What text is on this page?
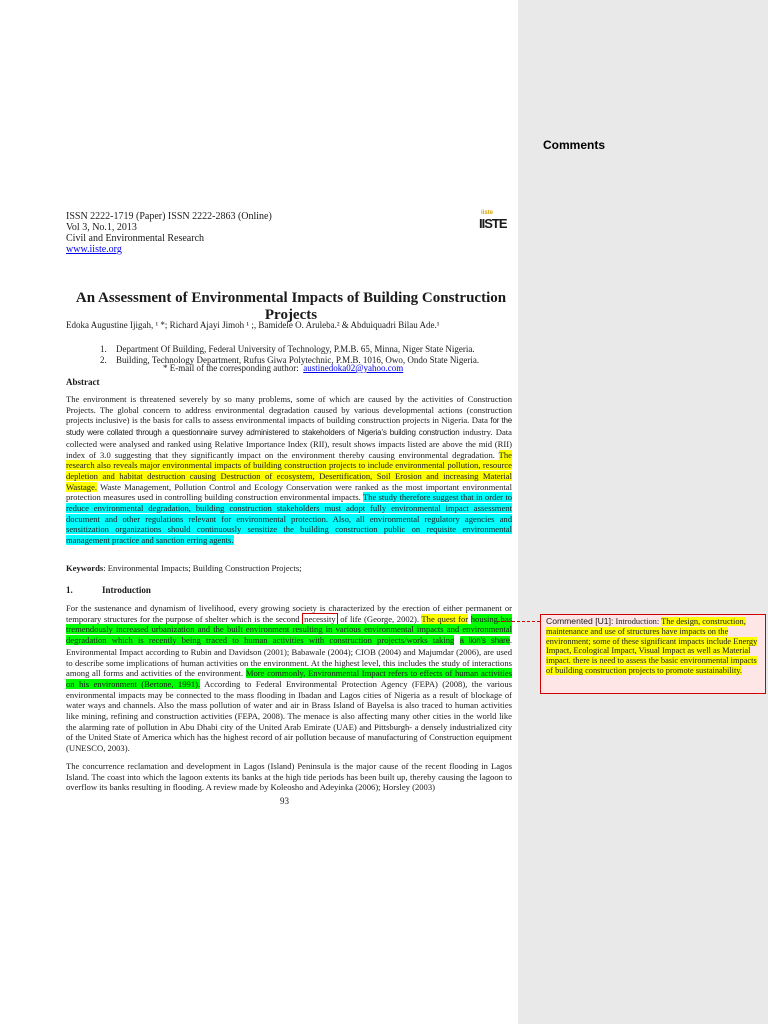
Comments
ISSN 2222-1719 (Paper) ISSN 2222-2863 (Online)
Vol 3, No.1, 2013
Civil and Environmental Research
www.iiste.org
iiste
IISTE
An Assessment of Environmental Impacts of Building Construction Projects
Edoka Augustine Ijigah, ¹ *; Richard Ajayi Jimoh ¹ ;, Bamidele O. Aruleba.² & Abduiquadri Bilau Ade.¹
1. Department Of Building, Federal University of Technology, P.M.B. 65, Minna, Niger State Nigeria.
2. Building, Technology Department, Rufus Giwa Polytechnic, P.M.B. 1016, Owo, Ondo State Nigeria.
* E-mail of the corresponding author: austinedoka02@yahoo.com
Abstract
The environment is threatened severely by so many problems, some of which are caused by the activities of Construction Projects. The global concern to address environmental degradation caused by various developmental actions (construction projects inclusive) is the basis for calls to assess environmental impacts of building construction projects in Nigeria. Data for the study were collated through a questionnaire survey administered to stakeholders of Nigeria’s building construction industry. Data collected were analysed and ranked using Relative Importance Index (RII), result shows impacts listed are above the mid (RII) index of 3.0 suggesting that they significantly impact on the environment thereby causing environmental degradation. The research also reveals major environmental impacts of building construction projects to include environmental pollution, resource depletion and habitat destruction causing Destruction of ecosystem, Desertification, Soil Erosion and increasing Material Wastage. Waste Management, Pollution Control and Ecology Conservation were ranked as the most important environmental protection measures used in controlling building construction environmental impacts. The study therefore suggest that in order to reduce environmental degradation, building construction stakeholders must adopt fully environmental impact assessment document and other regulations relevant for environmental protection. Also, all environmental regulatory agencies and sensitization organizations should continuously sensitize the building construction public on requisite environmental management practice and sanction erring agents.
Keywords: Environmental Impacts; Building Construction Projects;
1.	Introduction
For the sustenance and dynamism of livelihood, every growing society is characterized by the erection of either permanent or temporary structures for the purpose of shelter which is the second necessity of life (George, 2002). The quest for housing has tremendously increased urbanization and the built environment resulting in various environmental impacts and environmental degradation which is recently being traced to human activities with construction projects/works taking a lion’s share. Environmental Impact according to Rubin and Davidson (2001); Babawale (2004); CIOB (2004) and Majumdar (2006), are used to describe some implications of human activities on the environment. At the highest level, this includes the study of interactions among all forms and activities of the environment. More commonly, Environmental Impact refers to effects of human activities on his environment (Bertone, 1991). According to Federal Environmental Protection Agency (FEPA) (2008), the various environmental impacts may be connected to the mass flooding in Ibadan and Lagos cities of Nigeria as a result of blockage of water ways and channels. Also the mass pollution of water and air in Brass Island of Bayelsa is also traced to human activities like mining, refining and construction activities (FEPA, 2008). The menace is also affecting many other cities in the world like the alarming rate of pollution in Abu Dhabi city of the United Arab Emirate (UAE) and Pittsburgh- a densely industrialized city of the United State of America which has the highest record of air pollution because of manufacturing of Construction equipment (UNESCO, 2003).
The concurrence reclamation and development in Lagos (Island) Peninsula is the major cause of the recent flooding in Lagos Island. The coast into which the lagoon extents its banks at the high tide periods has been built up, thereby causing the lagoon to overflow its banks resulting in flooding. A review made by Koleosho and Adeyinka (2006); Horsley (2003)
93
Commented [U1]: Introduction: The design, construction, maintenance and use of structures have impacts on the environment; some of these significant impacts include Energy Impact, Ecological Impact, Visual Impact as well as Material impact. there is need to assess the basic environmental impacts of building construction projects to promote sustainability.
